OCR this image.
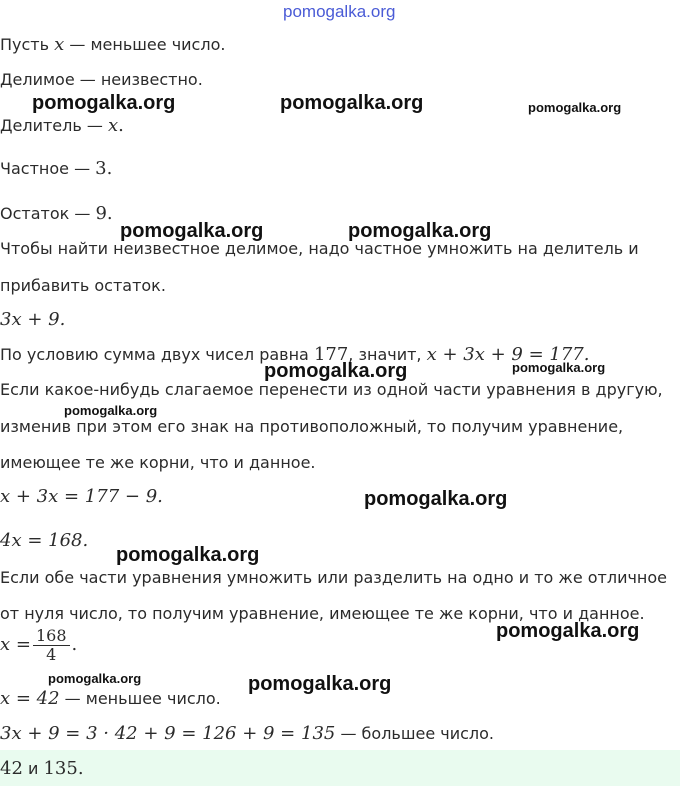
pomogalka.org
Пусть x — меньшее число.
Делимое — неизвестно.
Делитель — x.
Частное — 3.
Остаток — 9.
Чтобы найти неизвестное делимое, надо частное умножить на делитель и
прибавить остаток.
3x + 9.
По условию сумма двух чисел равна 177, значит, x + 3x + 9 = 177.
Если какое-нибудь слагаемое перенести из одной части уравнения в другую,
изменив при этом его знак на противоположный, то получим уравнение,
имеющее те же корни, что и данное.
x + 3x = 177 − 9.
4x = 168.
Если обе части уравнения умножить или разделить на одно и то же отличное
от нуля число, то получим уравнение, имеющее те же корни, что и данное.
$x = \frac{168}{4}$ .
x = 42 — меньшее число.
3x + 9 = 3 · 42 + 9 = 126 + 9 = 135 — большее число.
42 и 135.
pomogalka.org	pomogalka.org	pomogalka.org
pomogalka.org	pomogalka.org
pomogalka.org	pomogalka.org
pomogalka.org
pomogalka.org
pomogalka.org
pomogalka.org
pomogalka.org	pomogalka.org
